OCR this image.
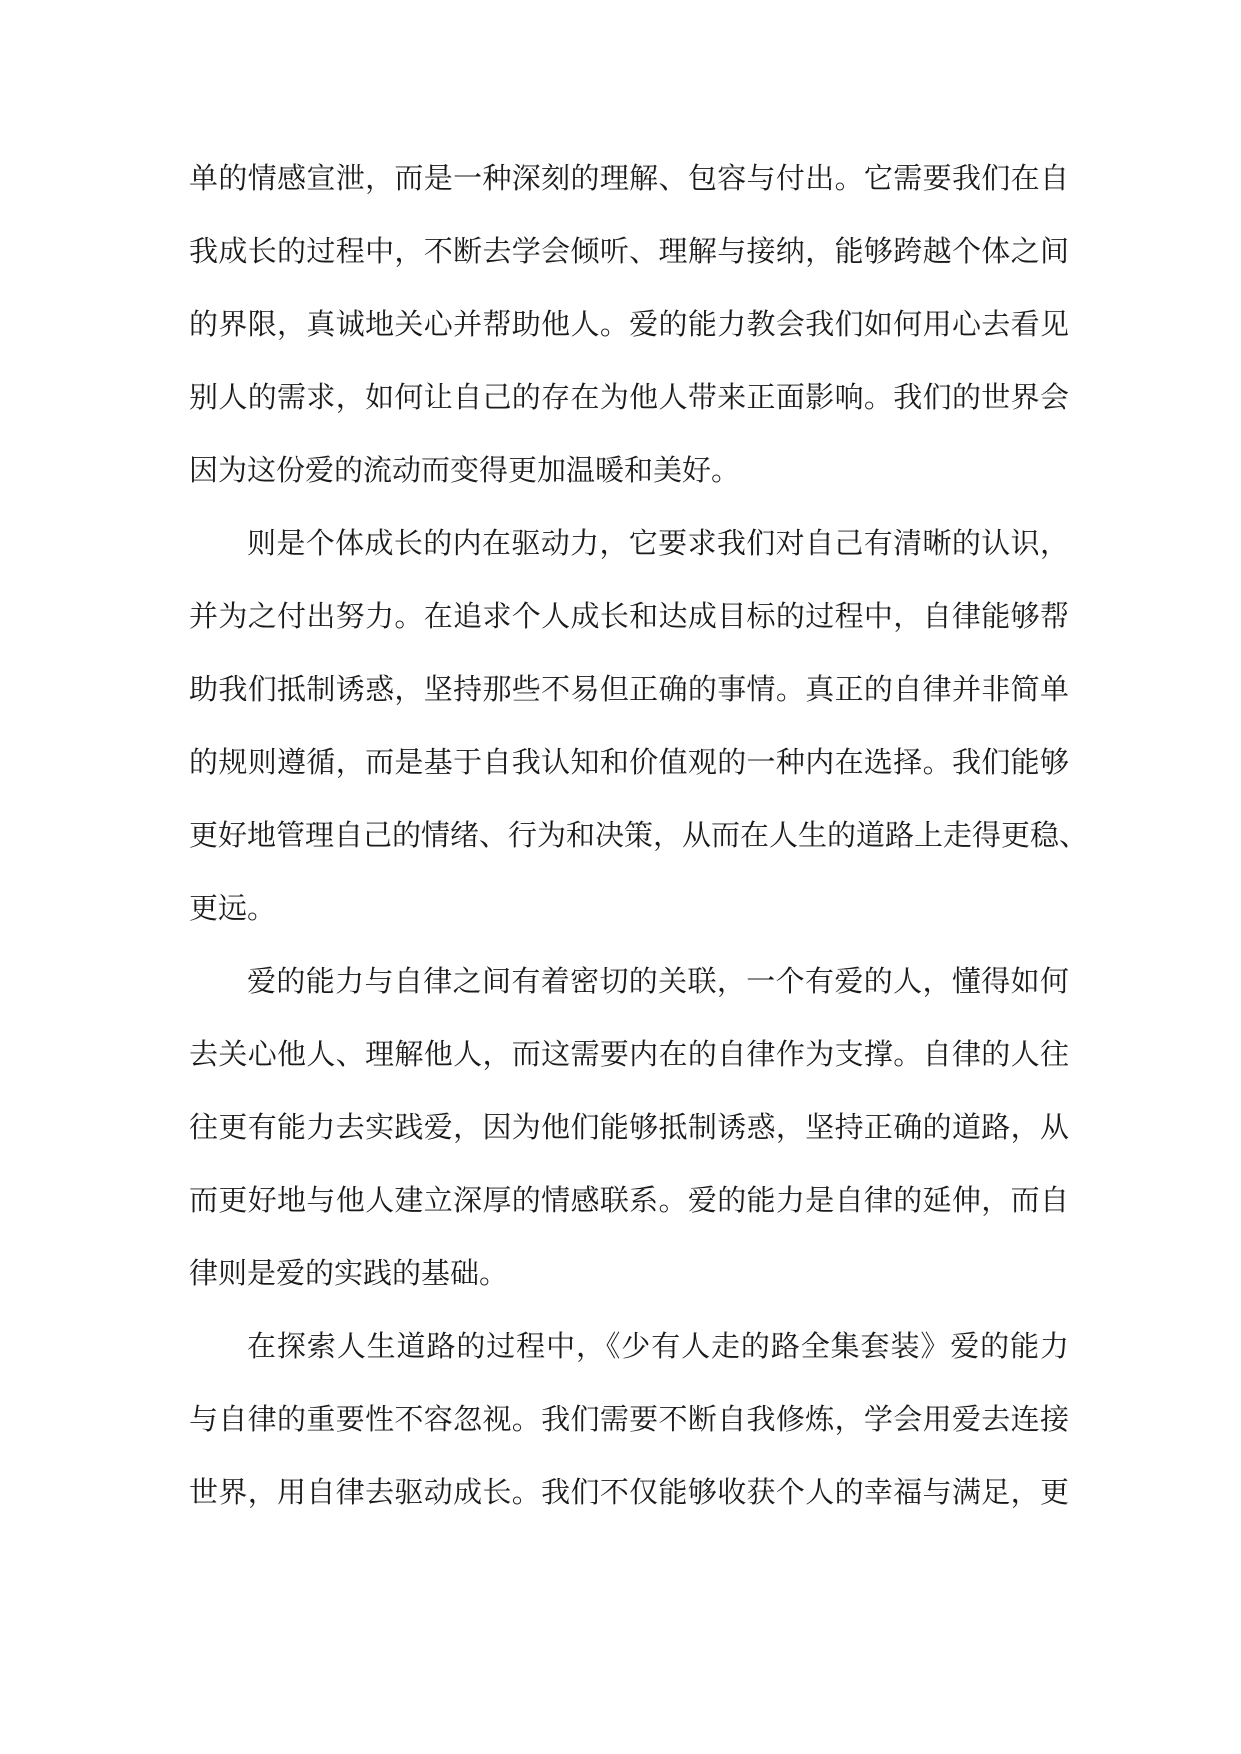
单的情感宣泄，而是一种深刻的理解、包容与付出。它需要我们在自
我成长的过程中，不断去学会倾听、理解与接纳，能够跨越个体之间
的界限，真诚地关心并帮助他人。爱的能力教会我们如何用心去看见
别人的需求，如何让自己的存在为他人带来正面影响。我们的世界会
因为这份爱的流动而变得更加温暖和美好。
则是个体成长的内在驱动力，它要求我们对自己有清晰的认识，
并为之付出努力。在追求个人成长和达成目标的过程中，自律能够帮
助我们抵制诱惑，坚持那些不易但正确的事情。真正的自律并非简单
的规则遵循，而是基于自我认知和价值观的一种内在选择。我们能够
更好地管理自己的情绪、行为和决策，从而在人生的道路上走得更稳、
更远。
爱的能力与自律之间有着密切的关联，一个有爱的人，懂得如何
去关心他人、理解他人，而这需要内在的自律作为支撑。自律的人往
往更有能力去实践爱，因为他们能够抵制诱惑，坚持正确的道路，从
而更好地与他人建立深厚的情感联系。爱的能力是自律的延伸，而自
律则是爱的实践的基础。
在探索人生道路的过程中，《少有人走的路全集套装》爱的能力
与自律的重要性不容忽视。我们需要不断自我修炼，学会用爱去连接
世界，用自律去驱动成长。我们不仅能够收获个人的幸福与满足，更
